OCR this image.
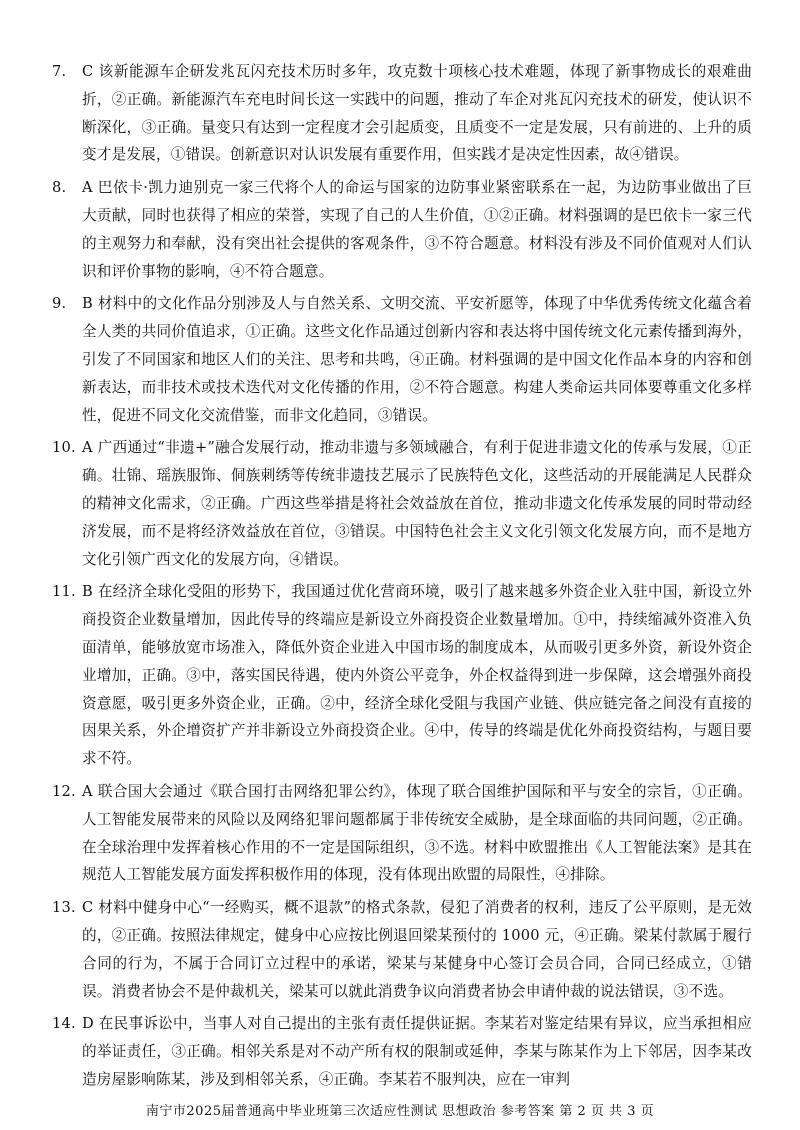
7.	C 该新能源车企研发兆瓦闪充技术历时多年，攻克数十项核心技术难题，体现了新事物成长的艰难曲折，②正确。新能源汽车充电时间长这一实践中的问题，推动了车企对兆瓦闪充技术的研发，使认识不断深化，③正确。量变只有达到一定程度才会引起质变，且质变不一定是发展，只有前进的、上升的质变才是发展，①错误。创新意识对认识发展有重要作用，但实践才是决定性因素，故④错误。
8.	A 巴依卡·凯力迪别克一家三代将个人的命运与国家的边防事业紧密联系在一起，为边防事业做出了巨大贡献，同时也获得了相应的荣誉，实现了自己的人生价值，①②正确。材料强调的是巴依卡一家三代的主观努力和奉献，没有突出社会提供的客观条件，③不符合题意。材料没有涉及不同价值观对人们认识和评价事物的影响，④不符合题意。
9.	B 材料中的文化作品分别涉及人与自然关系、文明交流、平安祈愿等，体现了中华优秀传统文化蕴含着全人类的共同价值追求，①正确。这些文化作品通过创新内容和表达将中国传统文化元素传播到海外，引发了不同国家和地区人们的关注、思考和共鸣，④正确。材料强调的是中国文化作品本身的内容和创新表达，而非技术或技术迭代对文化传播的作用，②不符合题意。构建人类命运共同体要尊重文化多样性，促进不同文化交流借鉴，而非文化趋同，③错误。
10. A 广西通过“非遗+”融合发展行动，推动非遗与多领域融合，有利于促进非遗文化的传承与发展，①正确。壮锦、瑶族服饰、侗族刺绣等传统非遗技艺展示了民族特色文化，这些活动的开展能满足人民群众的精神文化需求，②正确。广西这些举措是将社会效益放在首位，推动非遗文化传承发展的同时带动经济发展，而不是将经济效益放在首位，③错误。中国特色社会主义文化引领文化发展方向，而不是地方文化引领广西文化的发展方向，④错误。
11. B 在经济全球化受阻的形势下，我国通过优化营商环境，吸引了越来越多外资企业入驻中国，新设立外商投资企业数量增加，因此传导的终端应是新设立外商投资企业数量增加。①中，持续缩减外资准入负面清单，能够放宽市场准入，降低外资企业进入中国市场的制度成本，从而吸引更多外资，新设外资企业增加，正确。③中，落实国民待遇，使内外资公平竞争，外企权益得到进一步保障，这会增强外商投资意愿，吸引更多外资企业，正确。②中，经济全球化受阻与我国产业链、供应链完备之间没有直接的因果关系，外企增资扩产并非新设立外商投资企业。④中，传导的终端是优化外商投资结构，与题目要求不符。
12. A 联合国大会通过《联合国打击网络犯罪公约》，体现了联合国维护国际和平与安全的宗旨，①正确。人工智能发展带来的风险以及网络犯罪问题都属于非传统安全威胁，是全球面临的共同问题，②正确。在全球治理中发挥着核心作用的不一定是国际组织，③不选。材料中欧盟推出《人工智能法案》是其在规范人工智能发展方面发挥积极作用的体现，没有体现出欧盟的局限性，④排除。
13. C 材料中健身中心“一经购买，概不退款”的格式条款，侵犯了消费者的权利，违反了公平原则，是无效的，②正确。按照法律规定，健身中心应按比例退回梁某预付的 1000 元，④正确。梁某付款属于履行合同的行为，不属于合同订立过程中的承诺，梁某与某健身中心签订会员合同，合同已经成立，①错误。消费者协会不是仲裁机关，梁某可以就此消费争议向消费者协会申请仲裁的说法错误，③不选。
14. D 在民事诉讼中，当事人对自己提出的主张有责任提供证据。李某若对鉴定结果有异议，应当承担相应的举证责任，③正确。相邻关系是对不动产所有权的限制或延伸，李某与陈某作为上下邻居，因李某改造房屋影响陈某，涉及到相邻关系，④正确。李某若不服判决，应在一审判
南宁市2025届普通高中毕业班第三次适应性测试 思想政治 参考答案 第 2 页 共 3 页
